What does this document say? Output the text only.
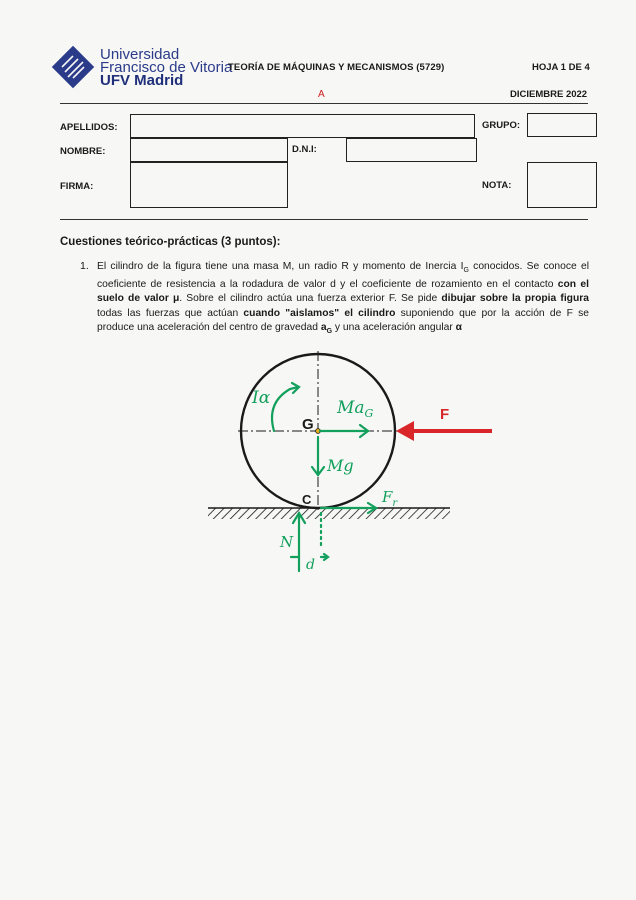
Universidad
Francisco de Vitoria
UFV Madrid
TEORÍA DE MÁQUINAS Y MECANISMOS (5729)	HOJA 1 DE 4
A	DICIEMBRE 2022
APELLIDOS:	GRUPO:
NOMBRE:	D.N.I:
FIRMA:	NOTA:
Cuestiones teórico-prácticas (3 puntos):
1. El cilindro de la figura tiene una masa M, un radio R y momento de Inercia $I_G$ conocidos. Se conoce el coeficiente de resistencia a la rodadura de valor d y el coeficiente de rozamiento en el contacto con el suelo de valor μ. Sobre el cilindro actúa una fuerza exterior F. Se pide dibujar sobre la propia figura todas las fuerzas que actúan cuando "aislamos" el cilindro suponiendo que por la acción de F se produce una aceleración del centro de gravedad $a_G$ y una aceleración angular α
G
C
F
Iα	$Ma_G$
Mg
$F_r$
N
d
